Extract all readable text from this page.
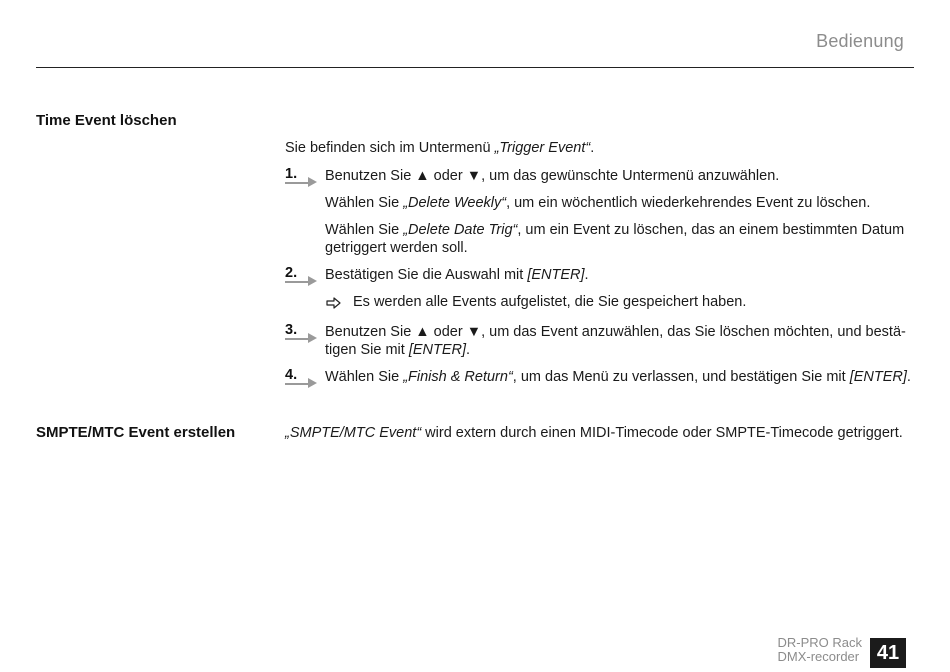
Bedienung
Time Event löschen
Sie befinden sich im Untermenü „Trigger Event“.
1. Benutzen Sie ▲ oder ▼, um das gewünschte Untermenü anzuwählen.
Wählen Sie „Delete Weekly“, um ein wöchentlich wiederkehrendes Event zu löschen.
Wählen Sie „Delete Date Trig“, um ein Event zu löschen, das an einem bestimmten Datum getriggert werden soll.
2. Bestätigen Sie die Auswahl mit [ENTER].
Es werden alle Events aufgelistet, die Sie gespeichert haben.
3. Benutzen Sie ▲ oder ▼, um das Event anzuwählen, das Sie löschen möchten, und bestä-tigen Sie mit [ENTER].
4. Wählen Sie „Finish & Return“, um das Menü zu verlassen, und bestätigen Sie mit [ENTER].
SMPTE/MTC Event erstellen	„SMPTE/MTC Event“ wird extern durch einen MIDI-Timecode oder SMPTE-Timecode getriggert.
DR-PRO Rack
DMX-recorder 41
